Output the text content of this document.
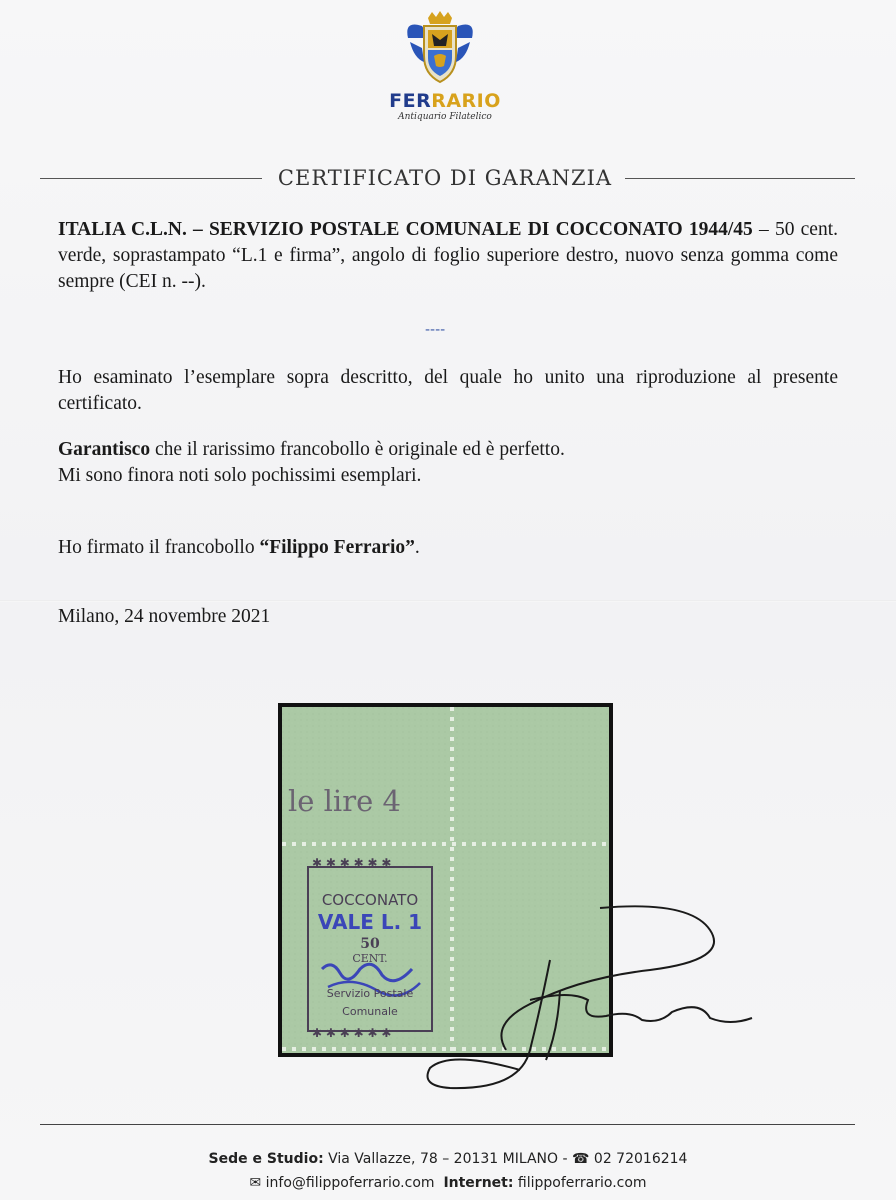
FERRARIO
Antiquario Filatelico
CERTIFICATO DI GARANZIA
ITALIA C.L.N. – SERVIZIO POSTALE COMUNALE DI COCCONATO 1944/45 – 50 cent. verde, soprastampato “L.1 e firma”, angolo di foglio superiore destro, nuovo senza gomma come sempre (CEI n. --).
----
Ho esaminato l’esemplare sopra descritto, del quale ho unito una riproduzione al presente certificato.
Garantisco che il rarissimo francobollo è originale ed è perfetto.
Mi sono finora noti solo pochissimi esemplari.
Ho firmato il francobollo “Filippo Ferrario”.
Milano, 24 novembre 2021
le lire 4
✱ ✱ ✱ ✱ ✱ ✱
✱ ✱ ✱ ✱ ✱ ✱
COCCONATO
VALE L. 1
50
CENT.
Servizio Postale
Comunale
Sede e Studio: Via Vallazze, 78 – 20131 MILANO - ☎ 02 72016214
✉ info@filippoferrario.com Internet: filippoferrario.com
